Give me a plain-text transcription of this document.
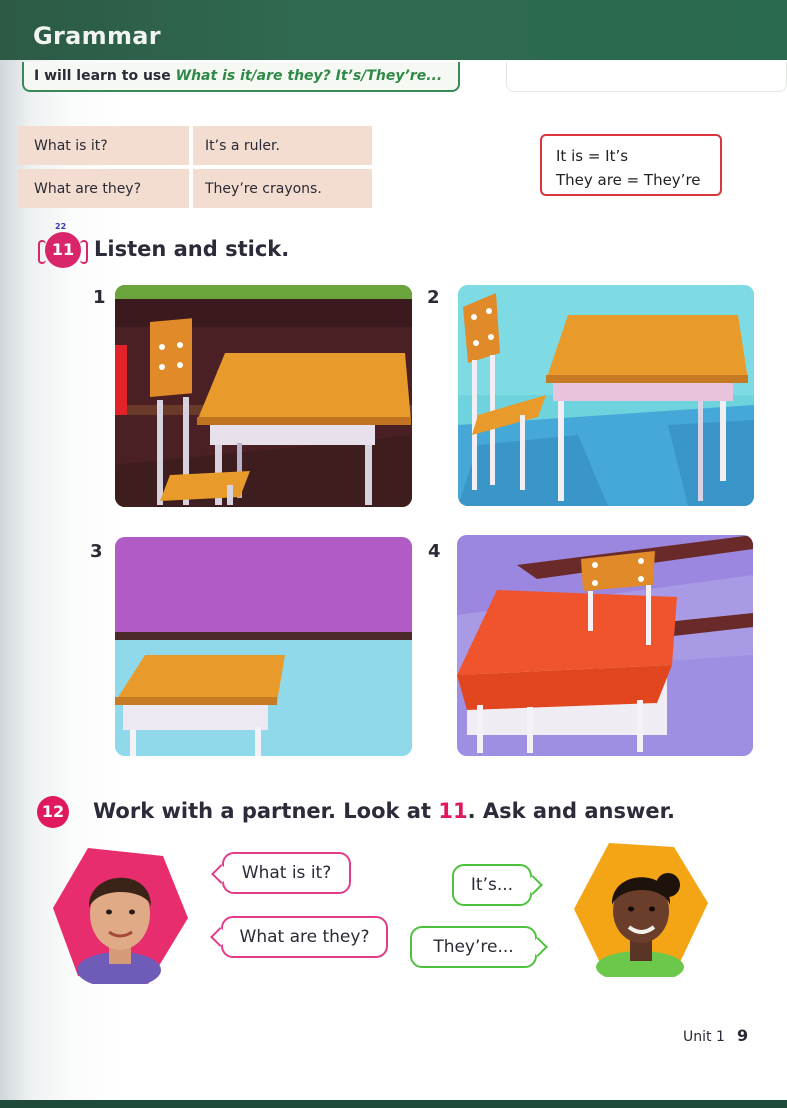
Grammar
I will learn to use What is it/are they? It’s/They’re...
What is it?	It’s a ruler.
What are they?	They’re crayons.
It is = It’s
They are = They’re
22
11 Listen and stick.
1	2
3	4
12 Work with a partner. Look at 11. Ask and answer.
What is it?
What are they?
It’s...
They’re...
Unit 1 9
